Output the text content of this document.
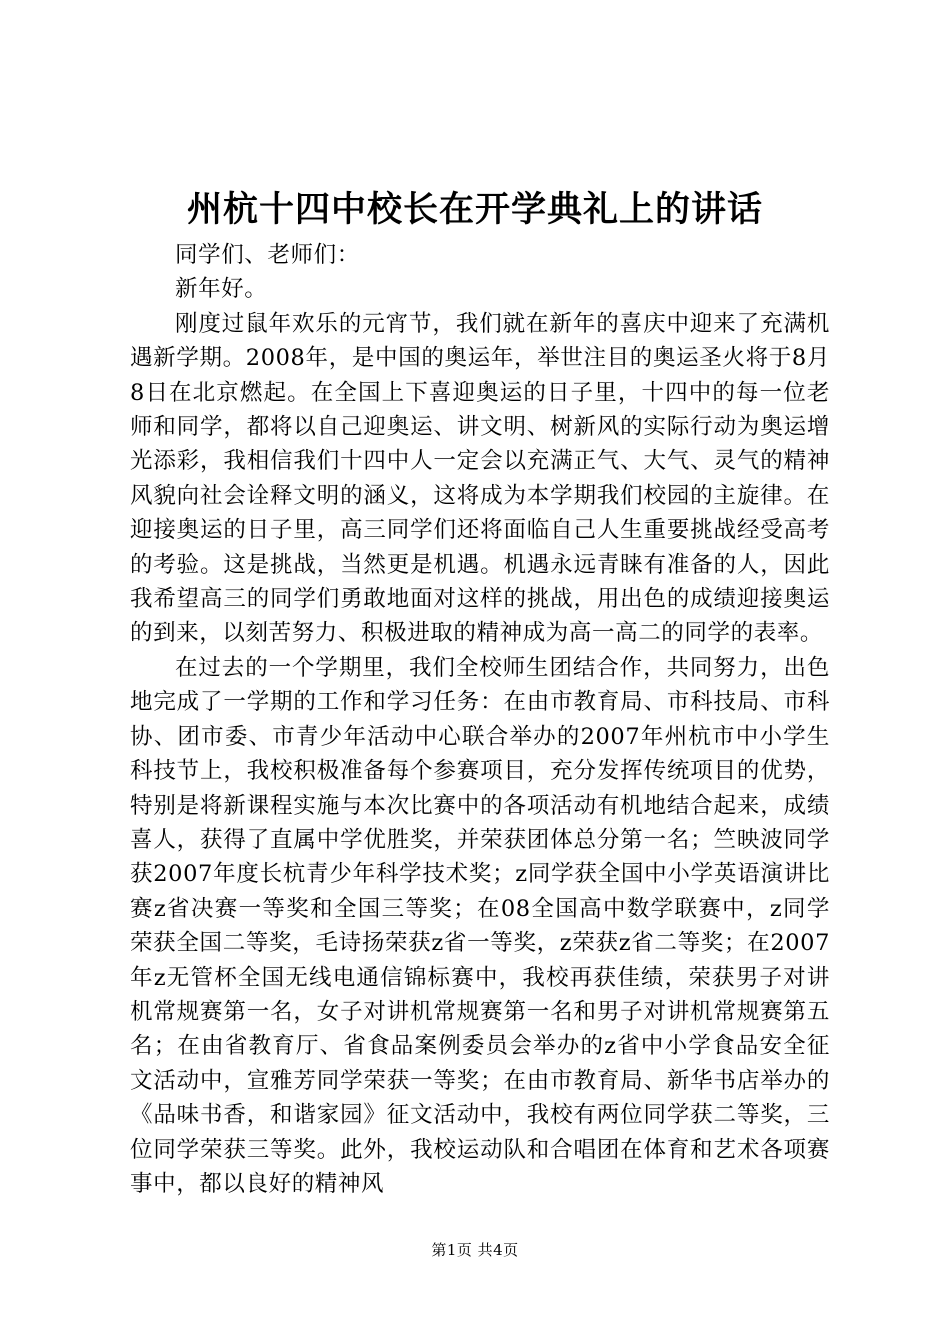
州杭十四中校长在开学典礼上的讲话

同学们、老师们：

新年好。

刚度过鼠年欢乐的元宵节，我们就在新年的喜庆中迎来了充满机遇新学期。2008年，是中国的奥运年，举世注目的奥运圣火将于8月8日在北京燃起。在全国上下喜迎奥运的日子里，十四中的每一位老师和同学，都将以自己迎奥运、讲文明、树新风的实际行动为奥运增光添彩，我相信我们十四中人一定会以充满正气、大气、灵气的精神风貌向社会诠释文明的涵义，这将成为本学期我们校园的主旋律。在迎接奥运的日子里，高三同学们还将面临自己人生重要挑战经受高考的考验。这是挑战，当然更是机遇。机遇永远青睐有准备的人，因此我希望高三的同学们勇敢地面对这样的挑战，用出色的成绩迎接奥运的到来，以刻苦努力、积极进取的精神成为高一高二的同学的表率。

在过去的一个学期里，我们全校师生团结合作，共同努力，出色地完成了一学期的工作和学习任务：在由市教育局、市科技局、市科协、团市委、市青少年活动中心联合举办的2007年州杭市中小学生科技节上，我校积极准备每个参赛项目，充分发挥传统项目的优势，特别是将新课程实施与本次比赛中的各项活动有机地结合起来，成绩喜人，获得了直属中学优胜奖，并荣获团体总分第一名；竺映波同学获2007年度长杭青少年科学技术奖；z同学获全国中小学英语演讲比赛z省决赛一等奖和全国三等奖；在08全国高中数学联赛中，z同学荣获全国二等奖，毛诗扬荣获z省一等奖，z荣获z省二等奖；在2007年z无管杯全国无线电通信锦标赛中，我校再获佳绩，荣获男子对讲机常规赛第一名，女子对讲机常规赛第一名和男子对讲机常规赛第五名；在由省教育厅、省食品案例委员会举办的z省中小学食品安全征文活动中，宣雅芳同学荣获一等奖；在由市教育局、新华书店举办的《品味书香，和谐家园》征文活动中，我校有两位同学获二等奖，三位同学荣获三等奖。此外，我校运动队和合唱团在体育和艺术各项赛事中，都以良好的精神风

第1页 共4页
